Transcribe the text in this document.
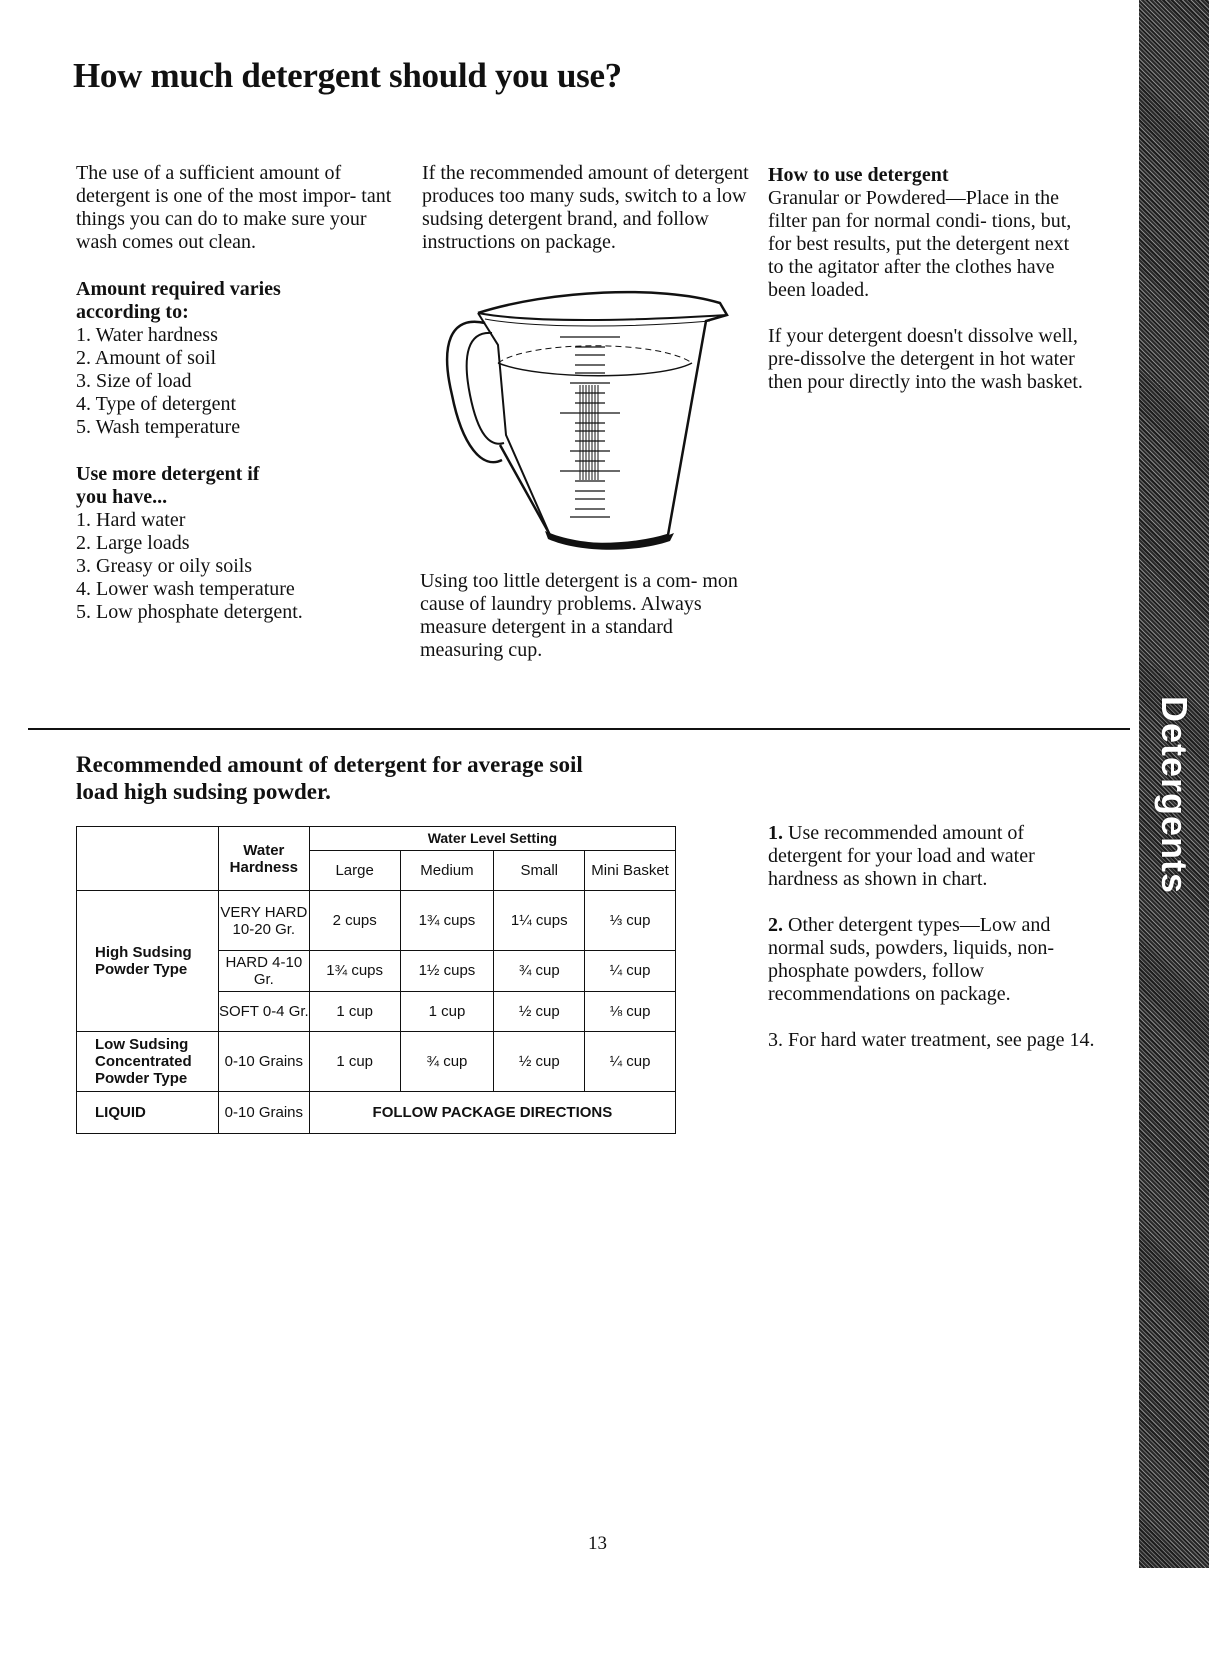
How much detergent should you use?

The use of a sufficient amount of detergent is one of the most impor- tant things you can do to make sure your wash comes out clean.

Amount required varies according to:

1. Water hardness
2. Amount of soil
3. Size of load
4. Type of detergent
5. Wash temperature

Use more detergent if you have...

1. Hard water
2. Large loads
3. Greasy or oily soils
4. Lower wash temperature
5. Low phosphate detergent.

If the recommended amount of detergent produces too many suds, switch to a low sudsing detergent brand, and follow instructions on package.

Using too little detergent is a com- mon cause of laundry problems. Always measure detergent in a standard measuring cup.

How to use detergent

Granular or Powdered—Place in the filter pan for normal condi- tions, but, for best results, put the detergent next to the agitator after the clothes have been loaded.

If your detergent doesn't dissolve well, pre-dissolve the detergent in hot water then pour directly into the wash basket.

Recommended amount of detergent for average soil
load high sudsing powder.
	Water Hardness	Water Level Setting			
		Large	Medium	Small	Mini Basket
High Sudsing Powder Type	VERY HARD 10-20 Gr.	2 cups	1¾ cups	1¼ cups	⅓ cup
	HARD 4-10 Gr.	1¾ cups	1½ cups	¾ cup	¼ cup
	SOFT 0-4 Gr.	1 cup	1 cup	½ cup	⅛ cup
Low Sudsing Concentrated Powder Type	0-10 Grains	1 cup	¾ cup	½ cup	¼ cup
LIQUID	0-10 Grains	FOLLOW PACKAGE DIRECTIONS			

1. Use recommended amount of detergent for your load and water hardness as shown in chart.

2. Other detergent types—Low and normal suds, powders, liquids, non-phosphate powders, follow recommendations on package.

3. For hard water treatment, see page 14.

13
Detergents
